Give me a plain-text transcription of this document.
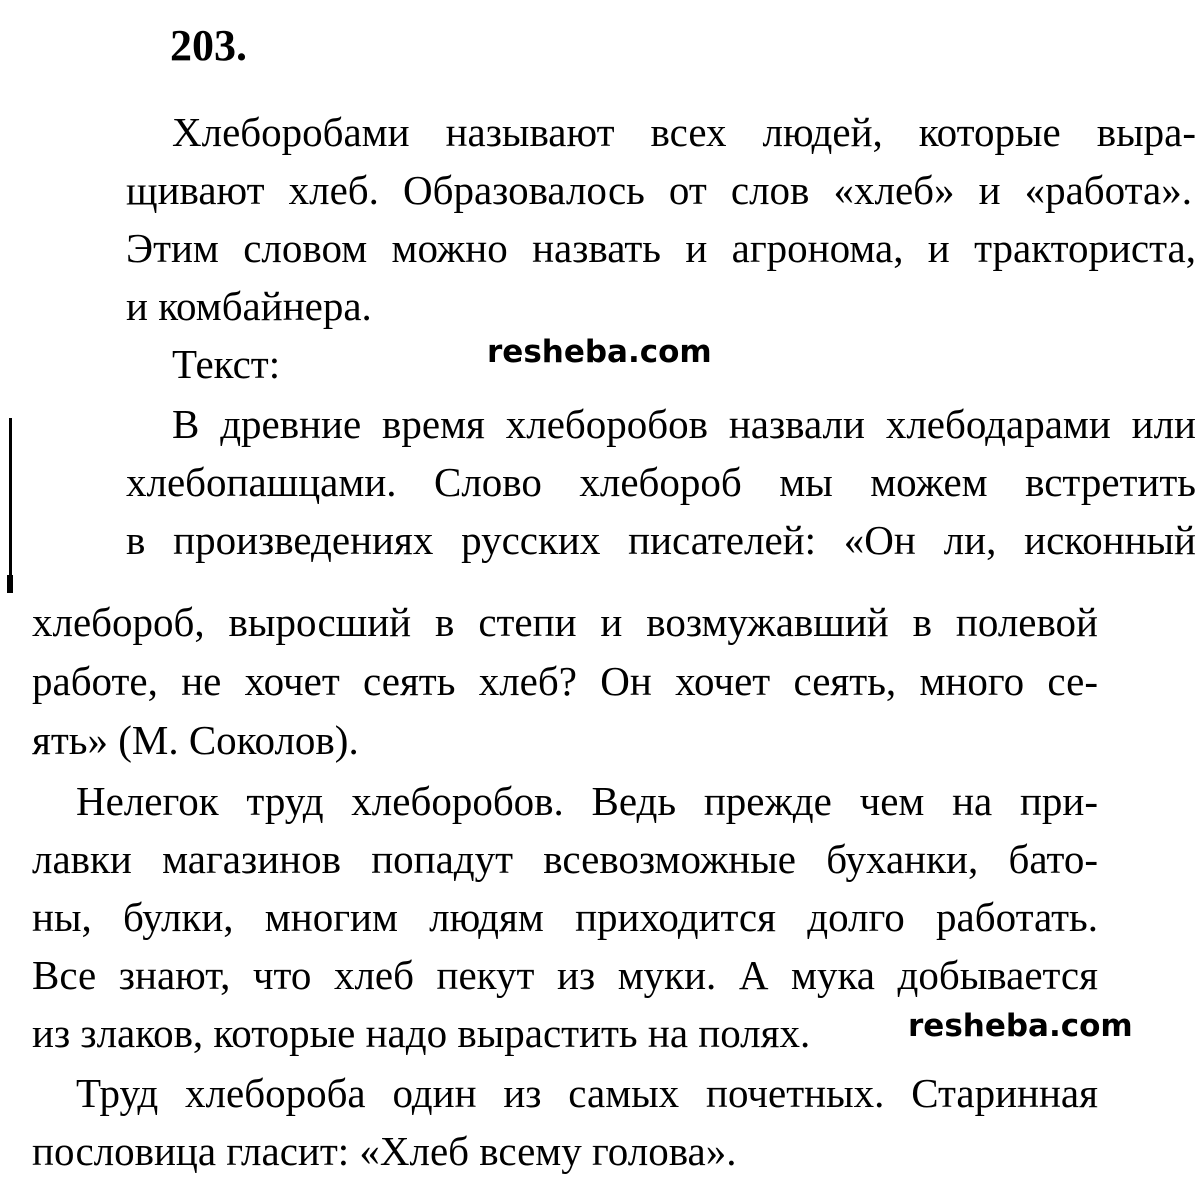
203.
Хлеборобами называют всех людей, которые выра-
щивают хлеб. Образовалось от слов «хлеб» и «работа».
Этим словом можно назвать и агронома, и тракториста,
и комбайнера.
Текст:	resheba.com
В древние время хлеборобов назвали хлебодарами или
хлебопашцами. Слово хлебороб мы можем встретить
в произведениях русских писателей: «Он ли, исконный
хлебороб, выросший в степи и возмужавший в полевой
работе, не хочет сеять хлеб? Он хочет сеять, много се-
ять» (М. Соколов).
Нелегок труд хлеборобов. Ведь прежде чем на при-
лавки магазинов попадут всевозможные буханки, бато-
ны, булки, многим людям приходится долго работать.
Все знают, что хлеб пекут из муки. А мука добывается
из злаков, которые надо вырастить на полях.	resheba.com
Труд хлебороба один из самых почетных. Старинная
пословица гласит: «Хлеб всему голова».
